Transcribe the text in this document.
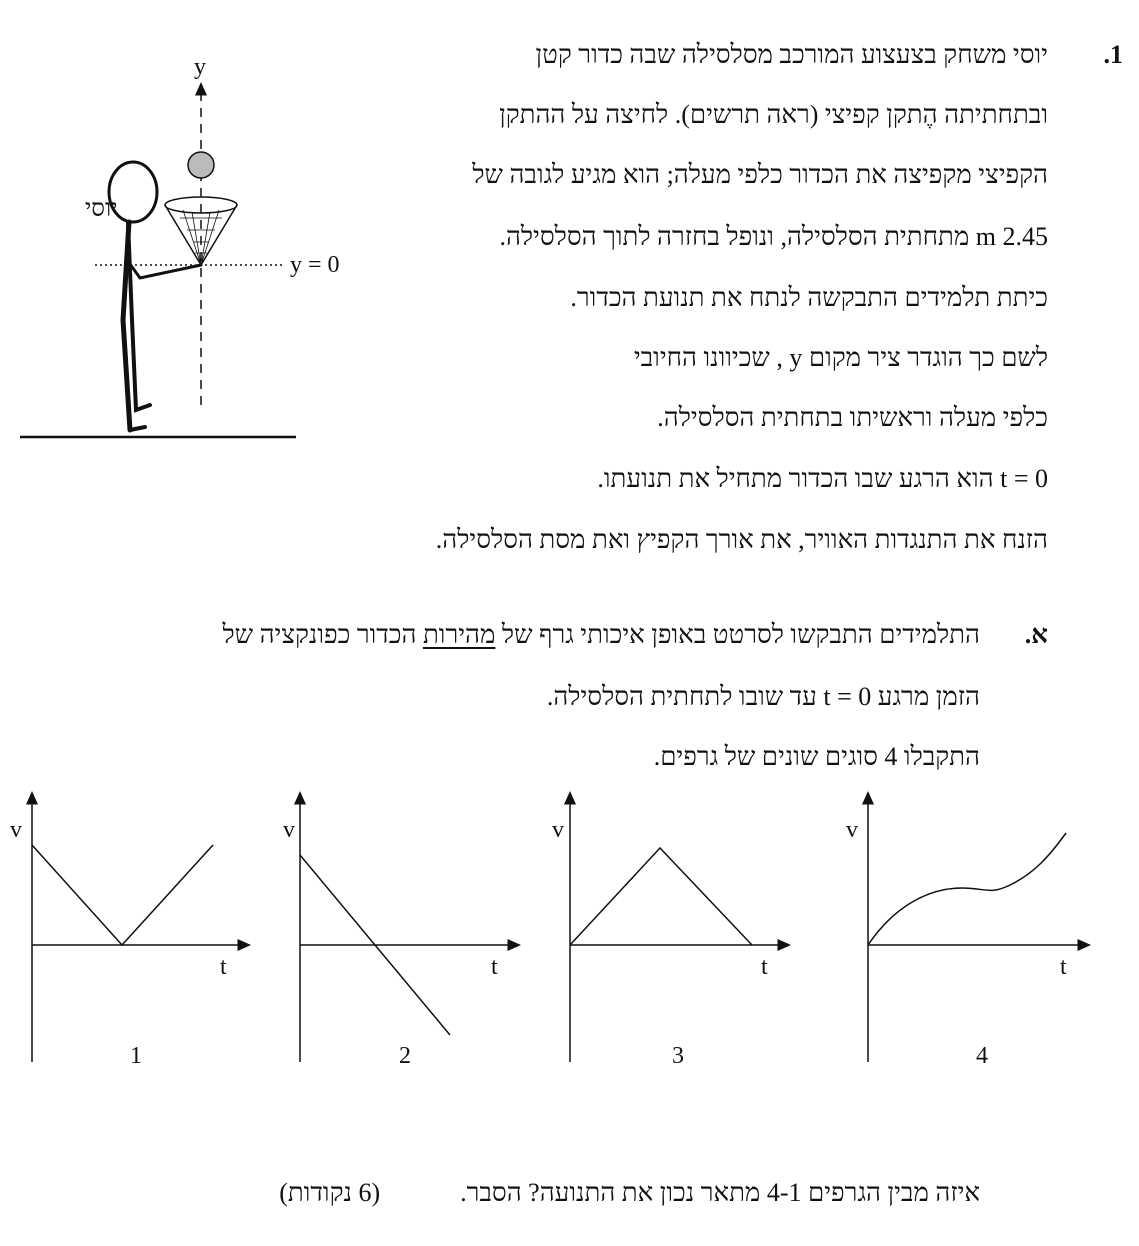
1.
יוסי משחק בצעצוע המורכב מסלסילה שבה כדור קטן
ובתחתיתה הֶתקן קפיצי (ראה תרשים). לחיצה על ההתקן
הקפיצי מקפיצה את הכדור כלפי מעלה; הוא מגיע לגובה של
2.45 m מתחתית הסלסילה, ונופל בחזרה לתוך הסלסילה.
כיתת תלמידים התבקשה לנתח את תנועת הכדור.
לשם כך הוגדר ציר מקום y , שכיוונו החיובי
כלפי מעלה וראשיתו בתחתית הסלסילה.
t = 0 הוא הרגע שבו הכדור מתחיל את תנועתו.
הזנח את התנגדות האוויר, את אורך הקפיץ ואת מסת הסלסילה.
א.
התלמידים התבקשו לסרטט באופן איכותי גרף של מהירות הכדור כפונקציה של
הזמן מרגע t = 0 עד שובו לתחתית הסלסילה.
התקבלו 4 סוגים שונים של גרפים.
איזה מבין הגרפים 4-1 מתאר נכון את התנועה? הסבר.(6 נקודות)
y
y = 0
יוסי
v
t
1
v
t
2
v
t
3
v
t
4
